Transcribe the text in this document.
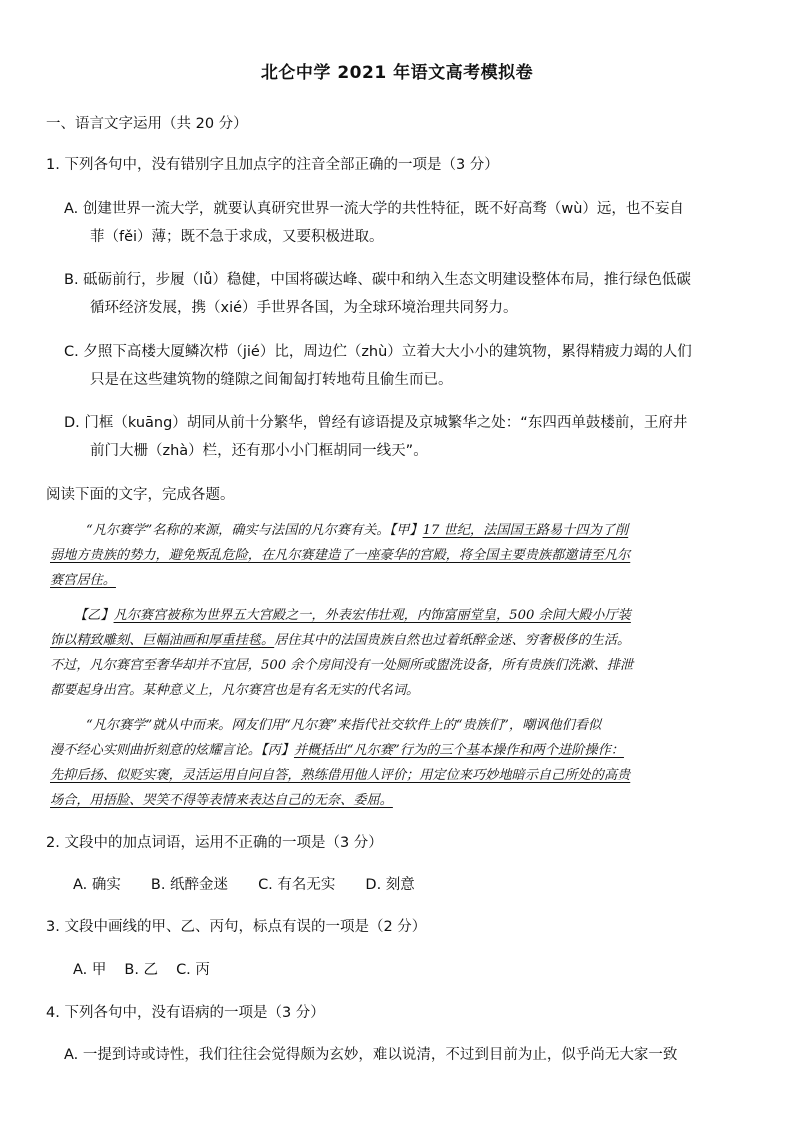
北仑中学 2021 年语文高考模拟卷
一、语言文字运用（共 20 分）
1. 下列各句中，没有错别字且加点字的注音全部正确的一项是（3 分）
A. 创建世界一流大学，就要认真研究世界一流大学的共性特征，既不好高骛（wù）远，也不妄自
菲（fěi）薄；既不急于求成，又要积极进取。
B. 砥砺前行，步履（lǚ）稳健，中国将碳达峰、碳中和纳入生态文明建设整体布局，推行绿色低碳
循环经济发展，携（xié）手世界各国，为全球环境治理共同努力。
C. 夕照下高楼大厦鳞次栉（jié）比，周边伫（zhù）立着大大小小的建筑物，累得精疲力竭的人们
只是在这些建筑物的缝隙之间匍匐打转地苟且偷生而已。
D. 门框（kuāng）胡同从前十分繁华，曾经有谚语提及京城繁华之处：“东四西单鼓楼前，王府井
前门大栅（zhà）栏，还有那小小门框胡同一线天”。
阅读下面的文字，完成各题。
“凡尔赛学”名称的来源，确实与法国的凡尔赛有关。【甲】17 世纪，法国国王路易十四为了削
弱地方贵族的势力，避免叛乱危险，在凡尔赛建造了一座豪华的宫殿，将全国主要贵族都邀请至凡尔
赛宫居住。
【乙】凡尔赛宫被称为世界五大宫殿之一，外表宏伟壮观，内饰富丽堂皇，500 余间大殿小厅装
饰以精致雕刻、巨幅油画和厚重挂毯。居住其中的法国贵族自然也过着纸醉金迷、穷奢极侈的生活。
不过，凡尔赛宫至奢华却并不宜居，500 余个房间没有一处厕所或盥洗设备，所有贵族们洗漱、排泄
都要起身出宫。某种意义上，凡尔赛宫也是有名无实的代名词。
“凡尔赛学”就从中而来。网友们用“凡尔赛”来指代社交软件上的“贵族们”，嘲讽他们看似
漫不经心实则曲折刻意的炫耀言论。【丙】并概括出“凡尔赛”行为的三个基本操作和两个进阶操作：
先抑后扬、似贬实褒，灵活运用自问自答，熟练借用他人评价；用定位来巧妙地暗示自己所处的高贵
场合，用捂脸、哭笑不得等表情来表达自己的无奈、委屈。
2. 文段中的加点词语，运用不正确的一项是（3 分）
A. 确实 B. 纸醉金迷 C. 有名无实 D. 刻意
3. 文段中画线的甲、乙、丙句，标点有误的一项是（2 分）
A. 甲 B. 乙 C. 丙
4. 下列各句中，没有语病的一项是（3 分）
A. 一提到诗或诗性，我们往往会觉得颇为玄妙，难以说清，不过到目前为止，似乎尚无大家一致
